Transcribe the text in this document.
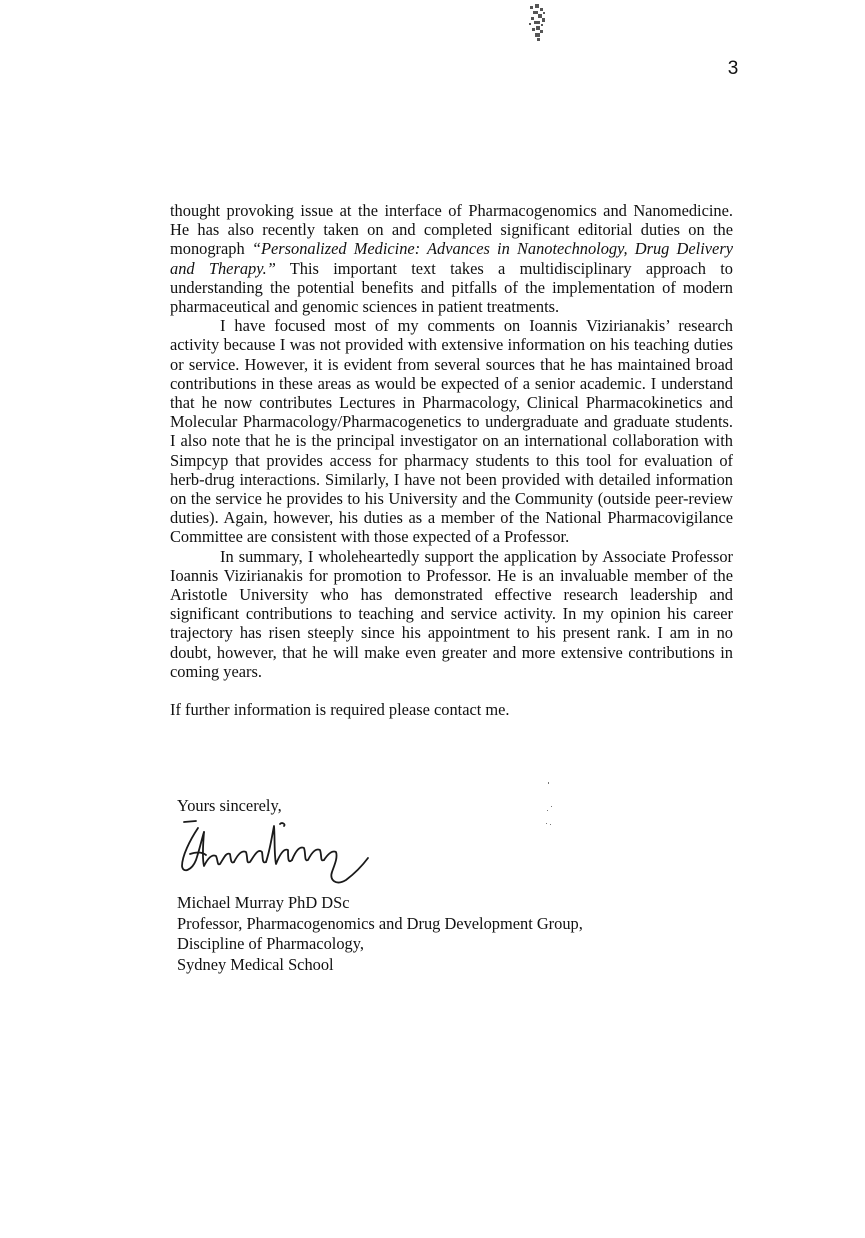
3

thought provoking issue at the interface of Pharmacogenomics and Nanomedicine. He has also recently taken on and completed significant editorial duties on the monograph “Personalized Medicine: Advances in Nanotechnology, Drug Delivery and Therapy.” This important text takes a multidisciplinary approach to understanding the potential benefits and pitfalls of the implementation of modern pharmaceutical and genomic sciences in patient treatments.

I have focused most of my comments on Ioannis Vizirianakis’ research activity because I was not provided with extensive information on his teaching duties or service. However, it is evident from several sources that he has maintained broad contributions in these areas as would be expected of a senior academic. I understand that he now contributes Lectures in Pharmacology, Clinical Pharmacokinetics and Molecular Pharmacology/Pharmacogenetics to undergraduate and graduate students. I also note that he is the principal investigator on an international collaboration with Simpcyp that provides access for pharmacy students to this tool for evaluation of herb-drug interactions. Similarly, I have not been provided with detailed information on the service he provides to his University and the Community (outside peer-review duties). Again, however, his duties as a member of the National Pharmacovigilance Committee are consistent with those expected of a Professor.

In summary, I wholeheartedly support the application by Associate Professor Ioannis Vizirianakis for promotion to Professor. He is an invaluable member of the Aristotle University who has demonstrated effective research leadership and significant contributions to teaching and service activity. In my opinion his career trajectory has risen steeply since his appointment to his present rank. I am in no doubt, however, that he will make even greater and more extensive contributions in coming years.

If further information is required please contact me.

Yours sincerely,
Michael Murray PhD DSc
Professor, Pharmacogenomics and Drug Development Group,
Discipline of Pharmacology,
Sydney Medical School
